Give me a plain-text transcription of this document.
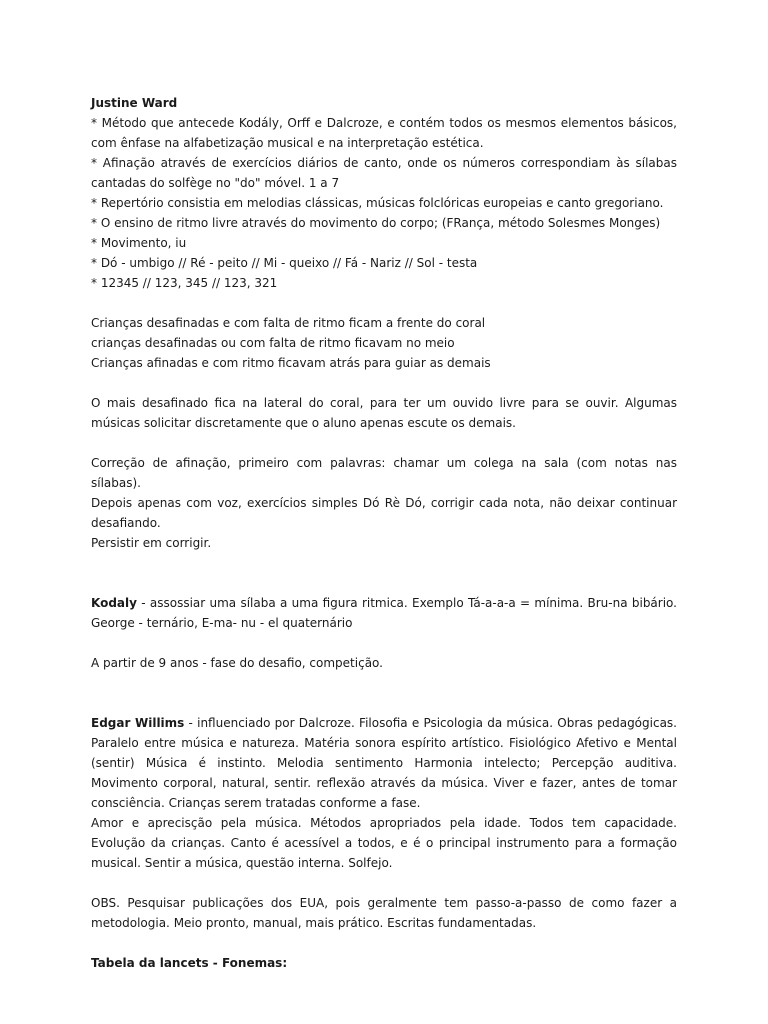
Justine Ward

* Método que antecede Kodály, Orff e Dalcroze, e contém todos os mesmos elementos básicos, com ênfase na alfabetização musical e na interpretação estética.

* Afinação através de exercícios diários de canto, onde os números correspondiam às sílabas cantadas do solfège no "do" móvel. 1 a 7

* Repertório consistia em melodias clássicas, músicas folclóricas europeias e canto gregoriano.

* O ensino de ritmo livre através do movimento do corpo; (FRança, método Solesmes Monges)

* Movimento, iu

* Dó - umbigo // Ré - peito // Mi - queixo // Fá - Nariz // Sol - testa

* 12345 // 123, 345 // 123, 321

Crianças desafinadas e com falta de ritmo ficam a frente do coral

crianças desafinadas ou com falta de ritmo ficavam no meio

Crianças afinadas e com ritmo ficavam atrás para guiar as demais

O mais desafinado fica na lateral do coral, para ter um ouvido livre para se ouvir. Algumas músicas solicitar discretamente que o aluno apenas escute os demais.

Correção de afinação, primeiro com palavras: chamar um colega na sala (com notas nas sílabas).

Depois apenas com voz, exercícios simples Dó Rè Dó, corrigir cada nota, não deixar continuar desafiando.

Persistir em corrigir.

Kodaly - assossiar uma sílaba a uma figura ritmica. Exemplo Tá-a-a-a = mínima. Bru-na bibário. George - ternário, E-ma- nu - el quaternário

A partir de 9 anos - fase do desafio, competição.

Edgar Willims - influenciado por Dalcroze. Filosofia e Psicologia da música. Obras pedagógicas. Paralelo entre música e natureza. Matéria sonora espírito artístico. Fisiológico Afetivo e Mental (sentir) Música é instinto. Melodia sentimento Harmonia intelecto; Percepção auditiva. Movimento corporal, natural, sentir. reflexão através da música. Viver e fazer, antes de tomar consciência. Crianças serem tratadas conforme a fase.

Amor e aprecisção pela música. Métodos apropriados pela idade. Todos tem capacidade. Evolução da crianças. Canto é acessível a todos, e é o principal instrumento para a formação musical. Sentir a música, questão interna. Solfejo.

OBS. Pesquisar publicações dos EUA, pois geralmente tem passo-a-passo de como fazer a metodologia. Meio pronto, manual, mais prático. Escritas fundamentadas.

Tabela da lancets - Fonemas:
